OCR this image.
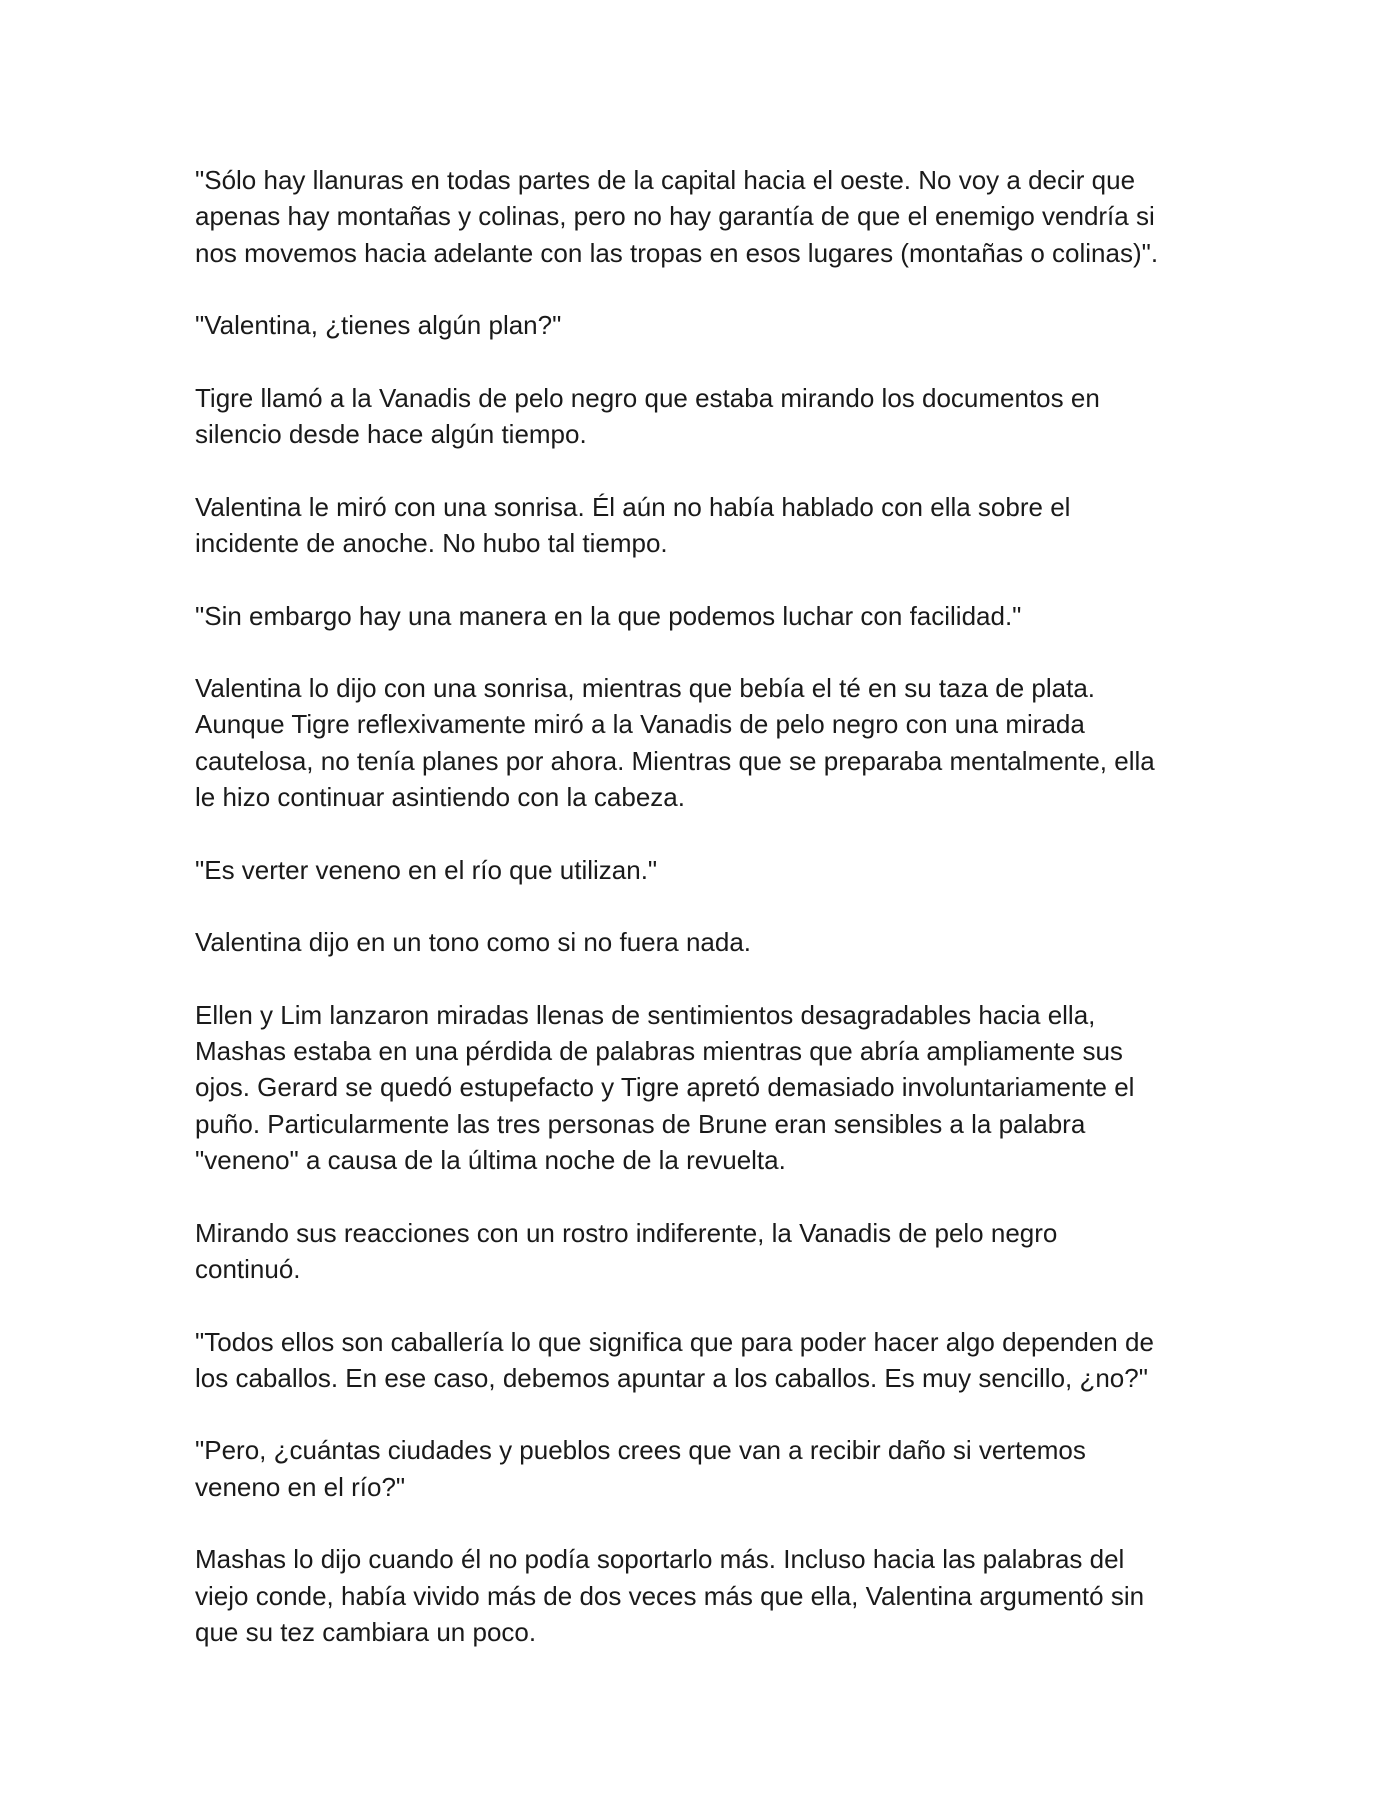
"Sólo hay llanuras en todas partes de la capital hacia el oeste. No voy a decir que
apenas hay montañas y colinas, pero no hay garantía de que el enemigo vendría si
nos movemos hacia adelante con las tropas en esos lugares (montañas o colinas)".

"Valentina, ¿tienes algún plan?"

Tigre llamó a la Vanadis de pelo negro que estaba mirando los documentos en
silencio desde hace algún tiempo.

Valentina le miró con una sonrisa. Él aún no había hablado con ella sobre el
incidente de anoche. No hubo tal tiempo.

"Sin embargo hay una manera en la que podemos luchar con facilidad."

Valentina lo dijo con una sonrisa, mientras que bebía el té en su taza de plata.
Aunque Tigre reflexivamente miró a la Vanadis de pelo negro con una mirada
cautelosa, no tenía planes por ahora. Mientras que se preparaba mentalmente, ella
le hizo continuar asintiendo con la cabeza.

"Es verter veneno en el río que utilizan."

Valentina dijo en un tono como si no fuera nada.

Ellen y Lim lanzaron miradas llenas de sentimientos desagradables hacia ella,
Mashas estaba en una pérdida de palabras mientras que abría ampliamente sus
ojos. Gerard se quedó estupefacto y Tigre apretó demasiado involuntariamente el
puño. Particularmente las tres personas de Brune eran sensibles a la palabra
"veneno" a causa de la última noche de la revuelta.

Mirando sus reacciones con un rostro indiferente, la Vanadis de pelo negro
continuó.

"Todos ellos son caballería lo que significa que para poder hacer algo dependen de
los caballos. En ese caso, debemos apuntar a los caballos. Es muy sencillo, ¿no?"

"Pero, ¿cuántas ciudades y pueblos crees que van a recibir daño si vertemos
veneno en el río?"

Mashas lo dijo cuando él no podía soportarlo más. Incluso hacia las palabras del
viejo conde, había vivido más de dos veces más que ella, Valentina argumentó sin
que su tez cambiara un poco.
